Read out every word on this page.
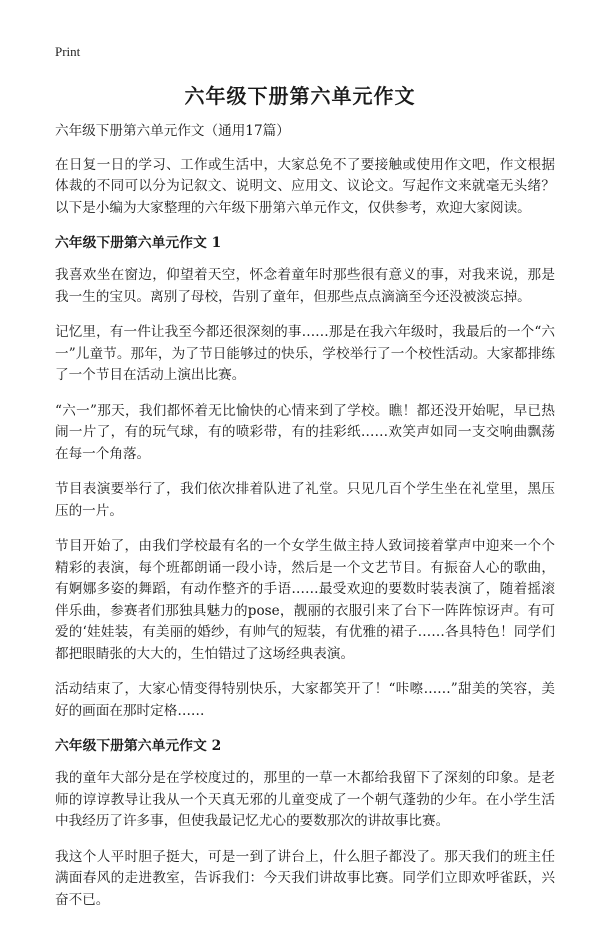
Print
六年级下册第六单元作文

六年级下册第六单元作文（通用17篇）

在日复一日的学习、工作或生活中，大家总免不了要接触或使用作文吧，作文根据体裁的不同可以分为记叙文、说明文、应用文、议论文。写起作文来就毫无头绪？以下是小编为大家整理的六年级下册第六单元作文，仅供参考，欢迎大家阅读。

六年级下册第六单元作文 1

我喜欢坐在窗边，仰望着天空，怀念着童年时那些很有意义的事，对我来说，那是我一生的宝贝。离别了母校，告别了童年，但那些点点滴滴至今还没被淡忘掉。

记忆里，有一件让我至今都还很深刻的事……那是在我六年级时，我最后的一个“六一”儿童节。那年，为了节日能够过的快乐，学校举行了一个校性活动。大家都排练了一个节目在活动上演出比赛。

“六一”那天，我们都怀着无比愉快的心情来到了学校。瞧！都还没开始呢，早已热闹一片了，有的玩气球，有的喷彩带，有的挂彩纸……欢笑声如同一支交响曲飘荡在每一个角落。

节目表演要举行了，我们依次排着队进了礼堂。只见几百个学生坐在礼堂里，黑压压的一片。

节目开始了，由我们学校最有名的一个女学生做主持人致词接着掌声中迎来一个个精彩的表演，每个班都朗诵一段小诗，然后是一个文艺节目。有振奋人心的歌曲，有婀娜多姿的舞蹈，有动作整齐的手语……最受欢迎的要数时装表演了，随着摇滚伴乐曲，参赛者们那独具魅力的pose，靓丽的衣服引来了台下一阵阵惊讶声。有可爱的‘娃娃装，有美丽的婚纱，有帅气的短装，有优雅的裙子……各具特色！同学们都把眼睛张的大大的，生怕错过了这场经典表演。

活动结束了，大家心情变得特别快乐，大家都笑开了！“咔嚓……”甜美的笑容，美好的画面在那时定格……

六年级下册第六单元作文 2

我的童年大部分是在学校度过的，那里的一草一木都给我留下了深刻的印象。是老师的谆谆教导让我从一个天真无邪的儿童变成了一个朝气蓬勃的少年。在小学生活中我经历了许多事，但使我最记忆尤心的要数那次的讲故事比赛。

我这个人平时胆子挺大，可是一到了讲台上，什么胆子都没了。那天我们的班主任满面春风的走进教室，告诉我们：今天我们讲故事比赛。同学们立即欢呼雀跃，兴奋不已。
